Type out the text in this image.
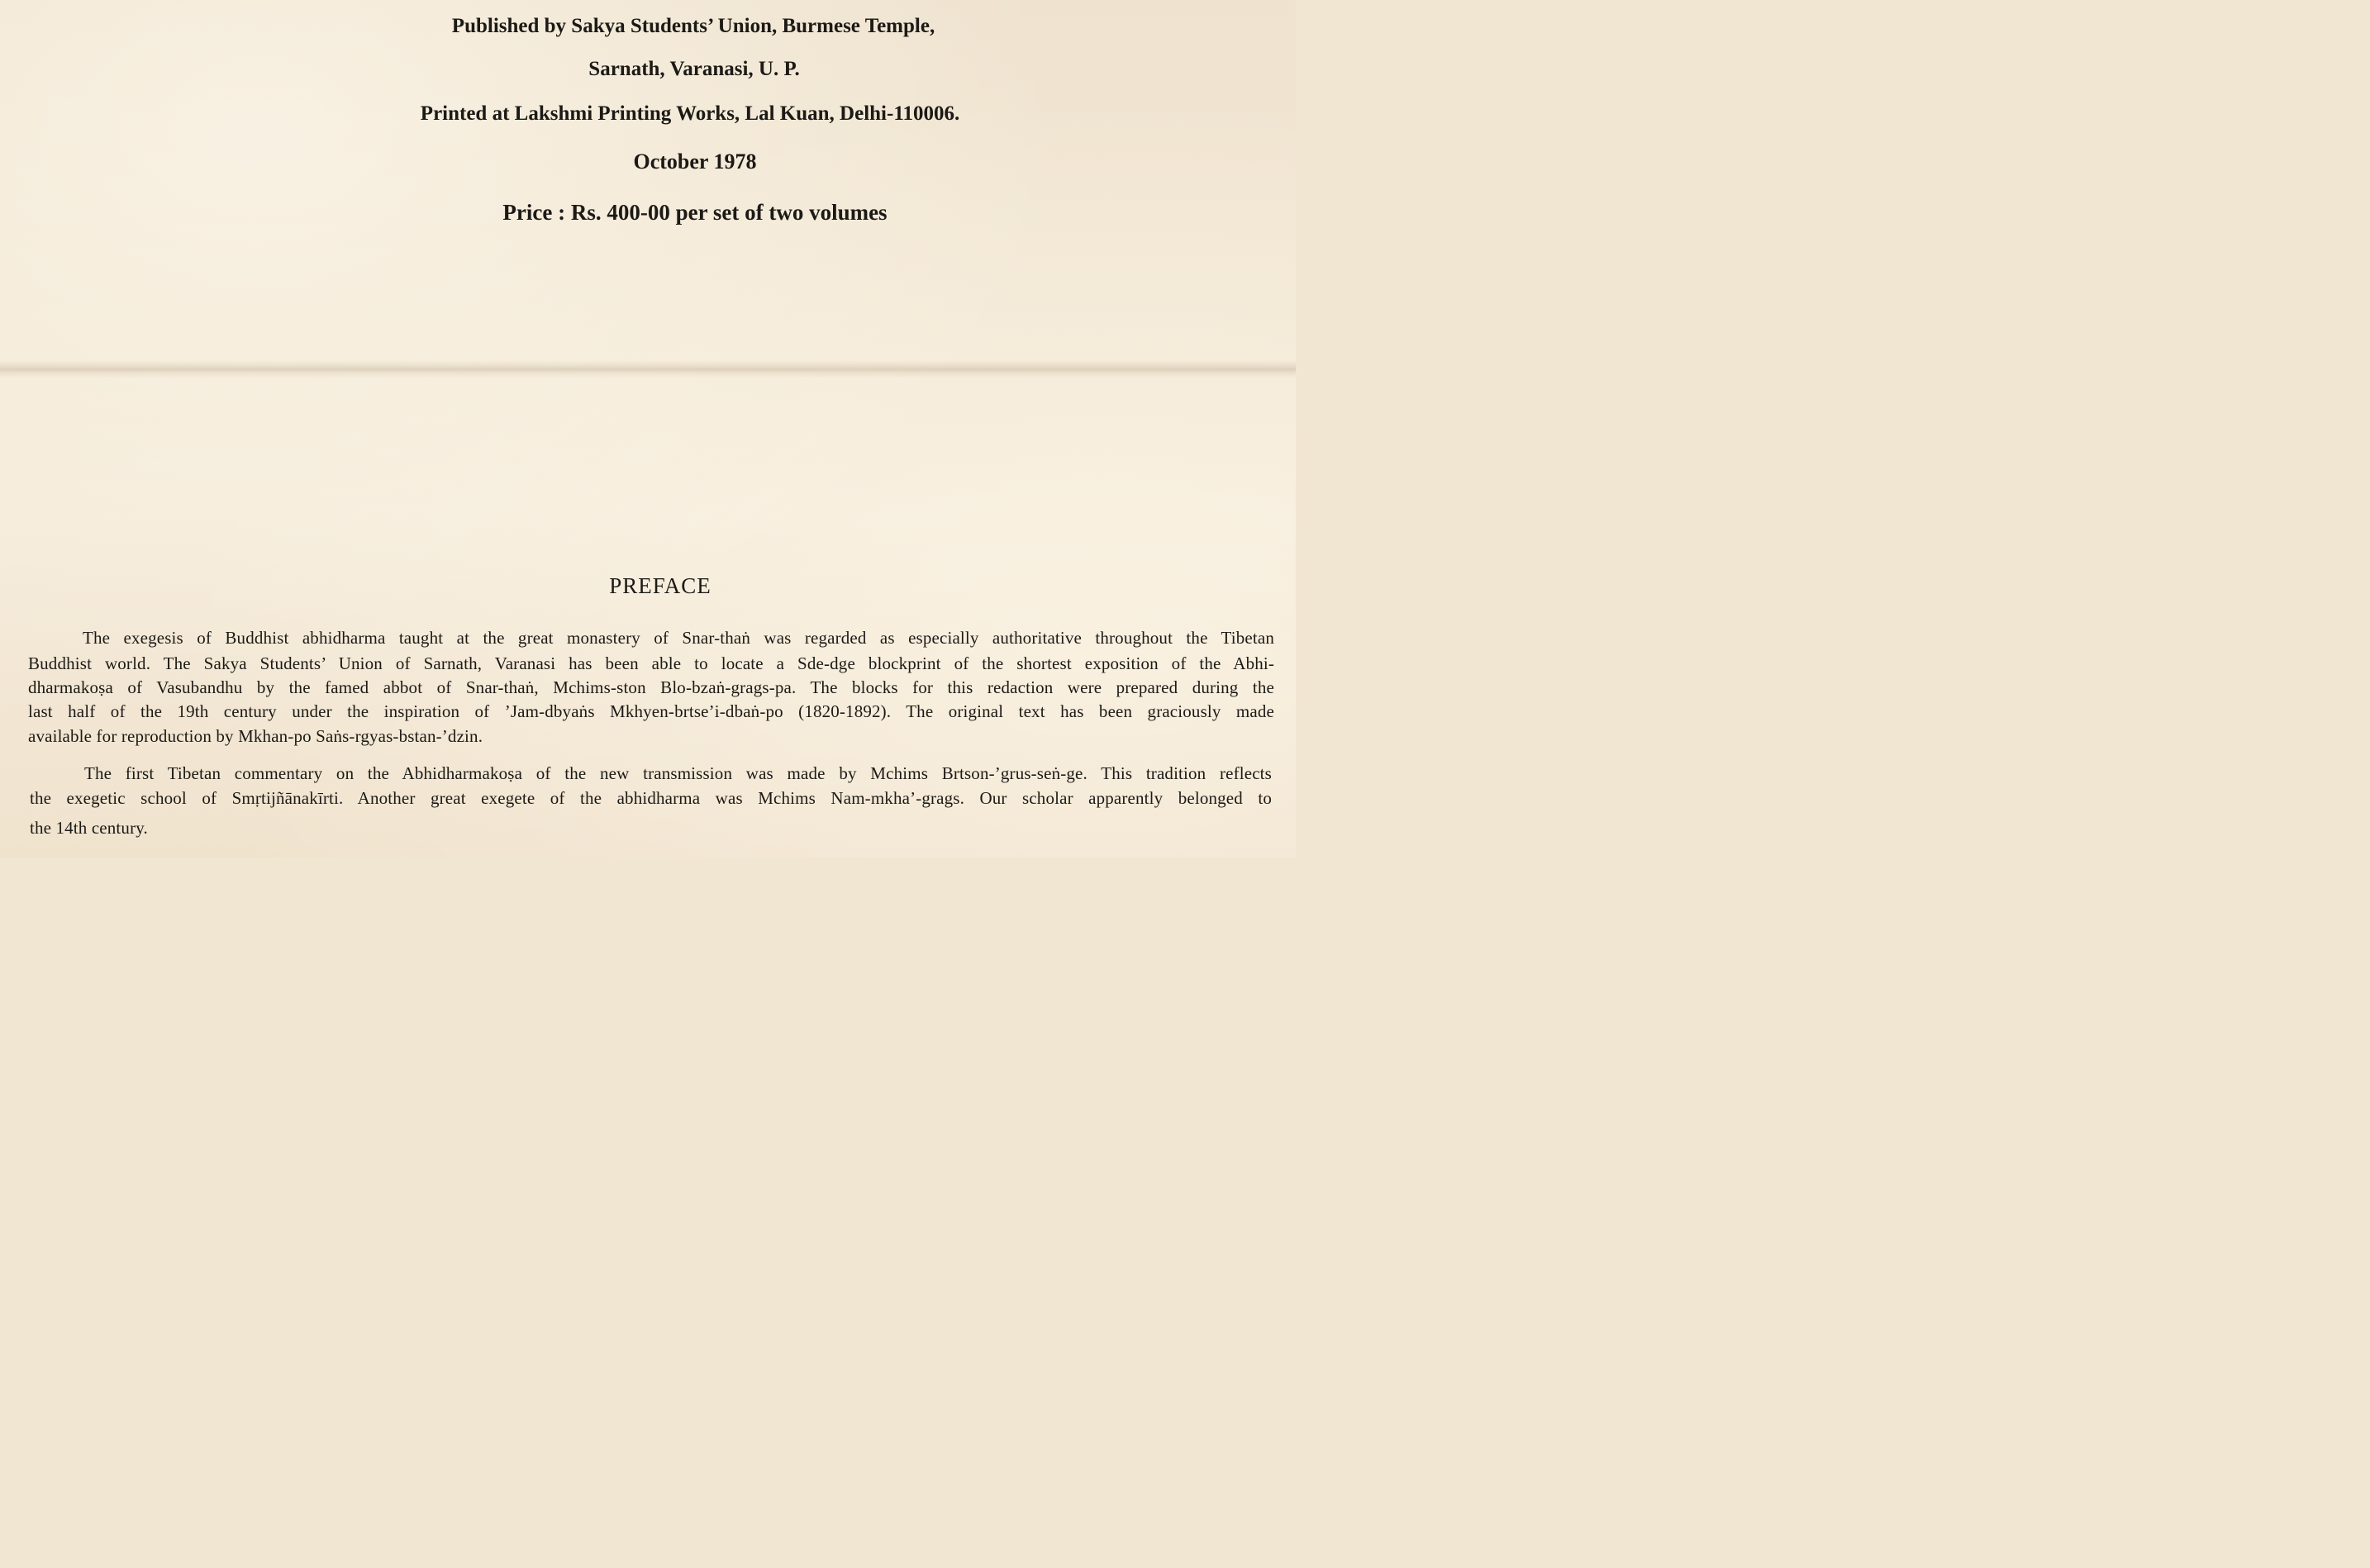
Published by Sakya Students’ Union, Burmese Temple,
Sarnath, Varanasi, U. P.
Printed at Lakshmi Printing Works, Lal Kuan, Delhi-110006.
October 1978
Price : Rs. 400-00 per set of two volumes
PREFACE
The exegesis of Buddhist abhidharma taught at the great monastery of Snar-thaṅ was regarded as especially authoritative throughout the Tibetan
Buddhist world. The Sakya Students’ Union of Sarnath, Varanasi has been able to locate a Sde-dge blockprint of the shortest exposition of the Abhi-
dharmakoṣa of Vasubandhu by the famed abbot of Snar-thaṅ, Mchims-ston Blo-bzaṅ-grags-pa. The blocks for this redaction were prepared during the
last half of the 19th century under the inspiration of ’Jam-dbyaṅs Mkhyen-brtse’i-dbaṅ-po (1820-1892). The original text has been graciously made
available for reproduction by Mkhan-po Saṅs-rgyas-bstan-’dzin.
The first Tibetan commentary on the Abhidharmakoṣa of the new transmission was made by Mchims Brtson-’grus-seṅ-ge. This tradition reflects
the exegetic school of Smṛtijñānakīrti. Another great exegete of the abhidharma was Mchims Nam-mkha’-grags. Our scholar apparently belonged to
the 14th century.
